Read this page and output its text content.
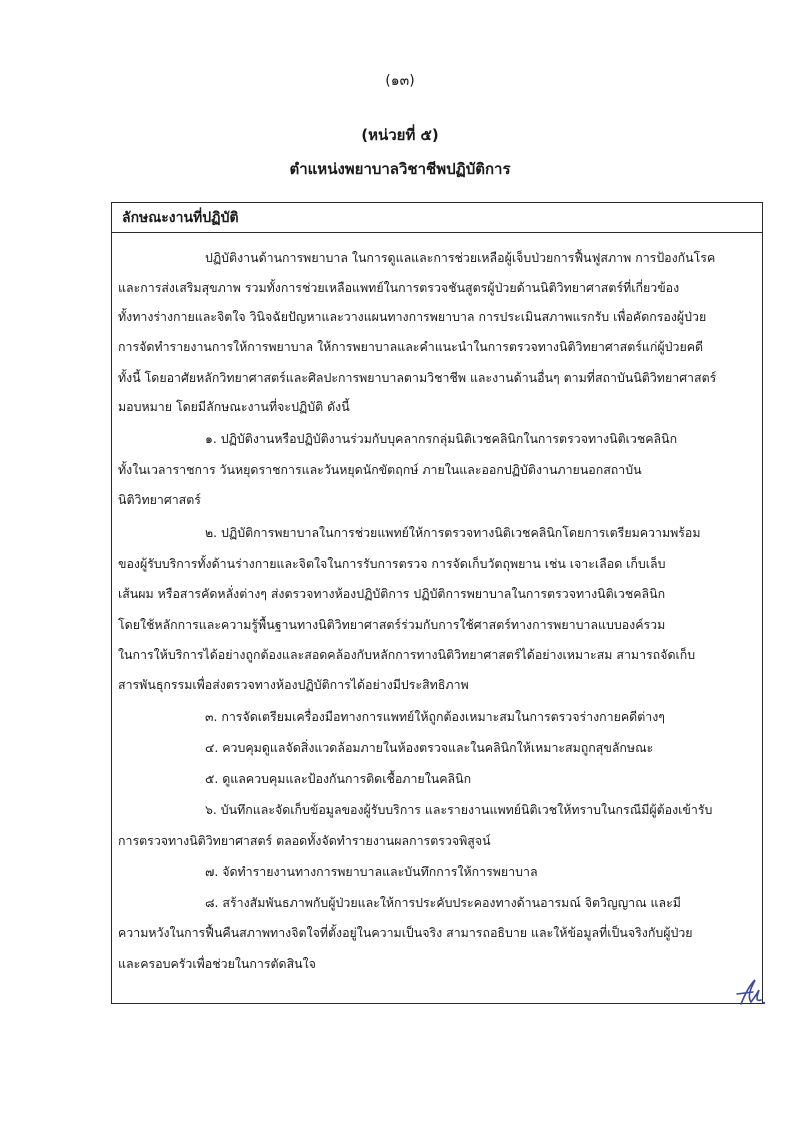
(๑๓)
(หน่วยที่ ๕)
ตำแหน่งพยาบาลวิชาชีพปฏิบัติการ
ลักษณะงานที่ปฏิบัติ
ปฏิบัติงานด้านการพยาบาล ในการดูแลและการช่วยเหลือผู้เจ็บป่วยการฟื้นฟูสภาพ การป้องกันโรค
และการส่งเสริมสุขภาพ รวมทั้งการช่วยเหลือแพทย์ในการตรวจชันสูตรผู้ป่วยด้านนิติวิทยาศาสตร์ที่เกี่ยวข้อง
ทั้งทางร่างกายและจิตใจ วินิจฉัยปัญหาและวางแผนทางการพยาบาล การประเมินสภาพแรกรับ เพื่อคัดกรองผู้ป่วย
การจัดทำรายงานการให้การพยาบาล ให้การพยาบาลและคำแนะนำในการตรวจทางนิติวิทยาศาสตร์แก่ผู้ป่วยคดี
ทั้งนี้ โดยอาศัยหลักวิทยาศาสตร์และศิลปะการพยาบาลตามวิชาชีพ และงานด้านอื่นๆ ตามที่สถาบันนิติวิทยาศาสตร์
มอบหมาย โดยมีลักษณะงานที่จะปฏิบัติ ดังนี้
๑. ปฏิบัติงานหรือปฏิบัติงานร่วมกับบุคลากรกลุ่มนิติเวชคลินิกในการตรวจทางนิติเวชคลินิก
ทั้งในเวลาราชการ วันหยุดราชการและวันหยุดนักขัตฤกษ์ ภายในและออกปฏิบัติงานภายนอกสถาบัน
นิติวิทยาศาสตร์
๒. ปฏิบัติการพยาบาลในการช่วยแพทย์ให้การตรวจทางนิติเวชคลินิกโดยการเตรียมความพร้อม
ของผู้รับบริการทั้งด้านร่างกายและจิตใจในการรับการตรวจ การจัดเก็บวัตถุพยาน เช่น เจาะเลือด เก็บเล็บ
เส้นผม หรือสารคัดหลั่งต่างๆ ส่งตรวจทางห้องปฏิบัติการ ปฏิบัติการพยาบาลในการตรวจทางนิติเวชคลินิก
โดยใช้หลักการและความรู้พื้นฐานทางนิติวิทยาศาสตร์ร่วมกับการใช้ศาสตร์ทางการพยาบาลแบบองค์รวม
ในการให้บริการได้อย่างถูกต้องและสอดคล้องกับหลักการทางนิติวิทยาศาสตร์ได้อย่างเหมาะสม สามารถจัดเก็บ
สารพันธุกรรมเพื่อส่งตรวจทางห้องปฏิบัติการได้อย่างมีประสิทธิภาพ
๓. การจัดเตรียมเครื่องมือทางการแพทย์ให้ถูกต้องเหมาะสมในการตรวจร่างกายคดีต่างๆ
๔. ควบคุมดูแลจัดสิ่งแวดล้อมภายในห้องตรวจและในคลินิกให้เหมาะสมถูกสุขลักษณะ
๕. ดูแลควบคุมและป้องกันการติดเชื้อภายในคลินิก
๖. บันทึกและจัดเก็บข้อมูลของผู้รับบริการ และรายงานแพทย์นิติเวชให้ทราบในกรณีมีผู้ต้องเข้ารับ
การตรวจทางนิติวิทยาศาสตร์ ตลอดทั้งจัดทำรายงานผลการตรวจพิสูจน์
๗. จัดทำรายงานทางการพยาบาลและบันทึกการให้การพยาบาล
๘. สร้างสัมพันธภาพกับผู้ป่วยและให้การประคับประคองทางด้านอารมณ์ จิตวิญญาณ และมี
ความหวังในการฟื้นคืนสภาพทางจิตใจที่ตั้งอยู่ในความเป็นจริง สามารถอธิบาย และให้ข้อมูลที่เป็นจริงกับผู้ป่วย
และครอบครัวเพื่อช่วยในการตัดสินใจ
